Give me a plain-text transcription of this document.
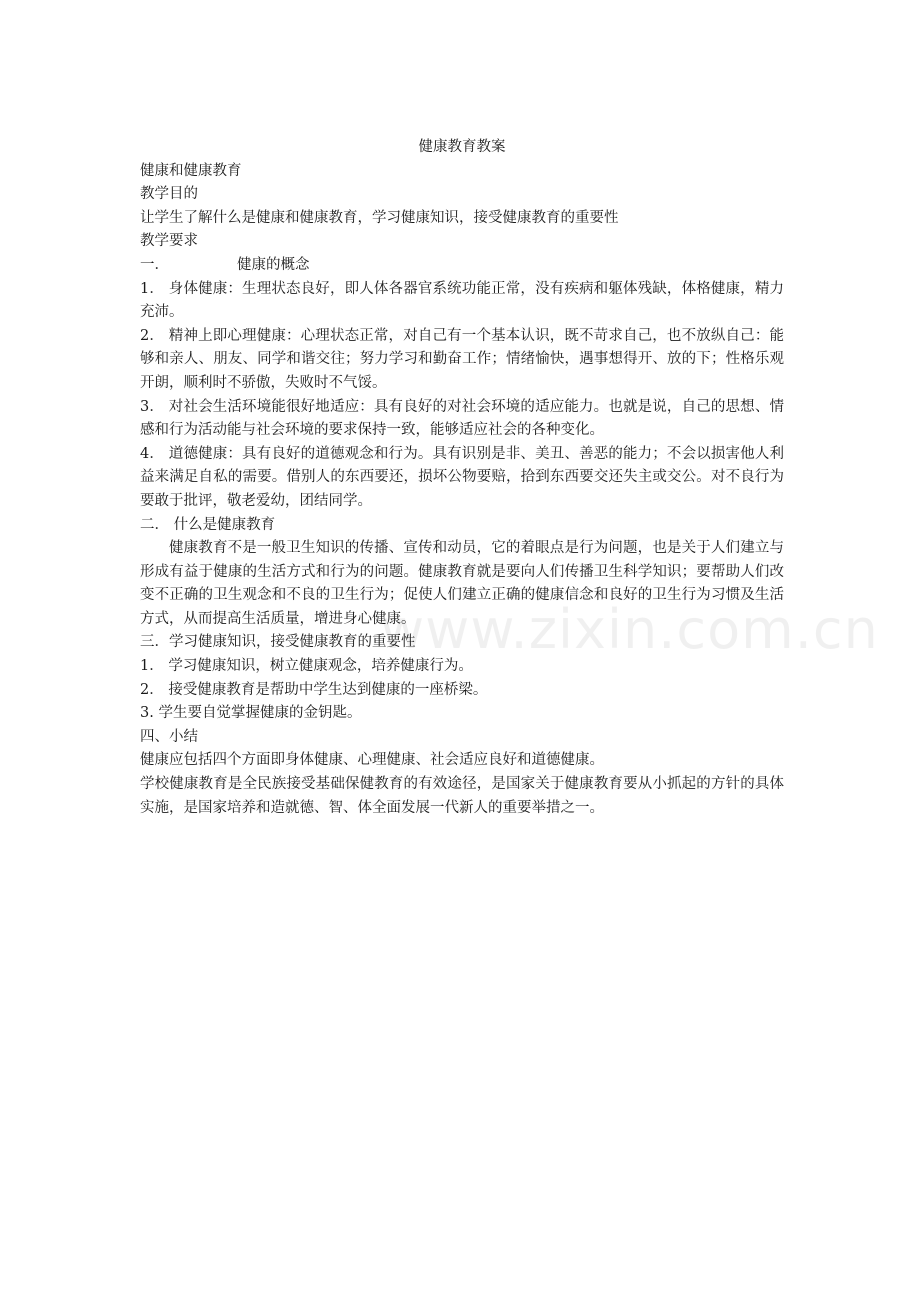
www.zixin.com.cn

健康教育教案

健康和健康教育

教学目的

让学生了解什么是健康和健康教育，学习健康知识，接受健康教育的重要性

教学要求

一．	健康的概念

1． 身体健康：生理状态良好，即人体各器官系统功能正常，没有疾病和躯体残缺，体格健康，精力充沛。

2． 精神上即心理健康：心理状态正常，对自己有一个基本认识，既不苛求自己，也不放纵自己：能够和亲人、朋友、同学和谐交往；努力学习和勤奋工作；情绪愉快，遇事想得开、放的下；性格乐观开朗，顺利时不骄傲，失败时不气馁。

3． 对社会生活环境能很好地适应：具有良好的对社会环境的适应能力。也就是说，自己的思想、情感和行为活动能与社会环境的要求保持一致，能够适应社会的各种变化。

4． 道德健康：具有良好的道德观念和行为。具有识别是非、美丑、善恶的能力；不会以损害他人利益来满足自私的需要。借别人的东西要还，损坏公物要赔，拾到东西要交还失主或交公。对不良行为要敢于批评，敬老爱幼，团结同学。

二． 什么是健康教育

健康教育不是一般卫生知识的传播、宣传和动员，它的着眼点是行为问题，也是关于人们建立与形成有益于健康的生活方式和行为的问题。健康教育就是要向人们传播卫生科学知识；要帮助人们改变不正确的卫生观念和不良的卫生行为；促使人们建立正确的健康信念和良好的卫生行为习惯及生活方式，从而提高生活质量，增进身心健康。

三．学习健康知识，接受健康教育的重要性

1． 学习健康知识，树立健康观念，培养健康行为。

2． 接受健康教育是帮助中学生达到健康的一座桥梁。

3. 学生要自觉掌握健康的金钥匙。

四、小结

健康应包括四个方面即身体健康、心理健康、社会适应良好和道德健康。

学校健康教育是全民族接受基础保健教育的有效途径，是国家关于健康教育要从小抓起的方针的具体实施，是国家培养和造就德、智、体全面发展一代新人的重要举措之一。
